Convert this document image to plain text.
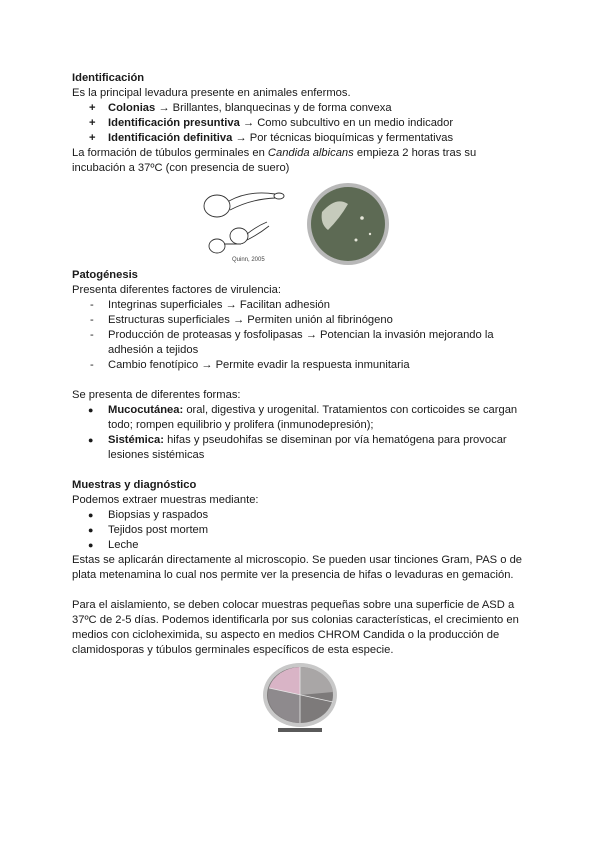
Identificación

Es la principal levadura presente en animales enfermos.

+ Colonias → Brillantes, blanquecinas y de forma convexa
+ Identificación presuntiva → Como subcultivo en un medio indicador
+ Identificación definitiva → Por técnicas bioquímicas y fermentativas

La formación de túbulos germinales en Candida albicans empieza 2 horas tras su incubación a 37ºC (con presencia de suero)

Quinn, 2005
Patogénesis

Presenta diferentes factores de virulencia:

- Integrinas superficiales → Facilitan adhesión
- Estructuras superficiales → Permiten unión al fibrinógeno
- Producción de proteasas y fosfolipasas → Potencian la invasión mejorando la adhesión a tejidos
- Cambio fenotípico → Permite evadir la respuesta inmunitaria

Se presenta de diferentes formas:

● Mucocutánea: oral, digestiva y urogenital. Tratamientos con corticoides se cargan todo; rompen equilibrio y prolifera (inmunodepresión);
● Sistémica: hifas y pseudohifas se diseminan por vía hematógena para provocar lesiones sistémicas
Muestras y diagnóstico

Podemos extraer muestras mediante:

● Biopsias y raspados
● Tejidos post mortem
● Leche

Estas se aplicarán directamente al microscopio. Se pueden usar tinciones Gram, PAS o de plata metenamina lo cual nos permite ver la presencia de hifas o levaduras en gemación.

Para el aislamiento, se deben colocar muestras pequeñas sobre una superficie de ASD a 37ºC de 2-5 días. Podemos identificarla por sus colonias características, el crecimiento en medios con cicloheximida, su aspecto en medios CHROM Candida o la producción de clamidosporas y túbulos germinales específicos de esta especie.
